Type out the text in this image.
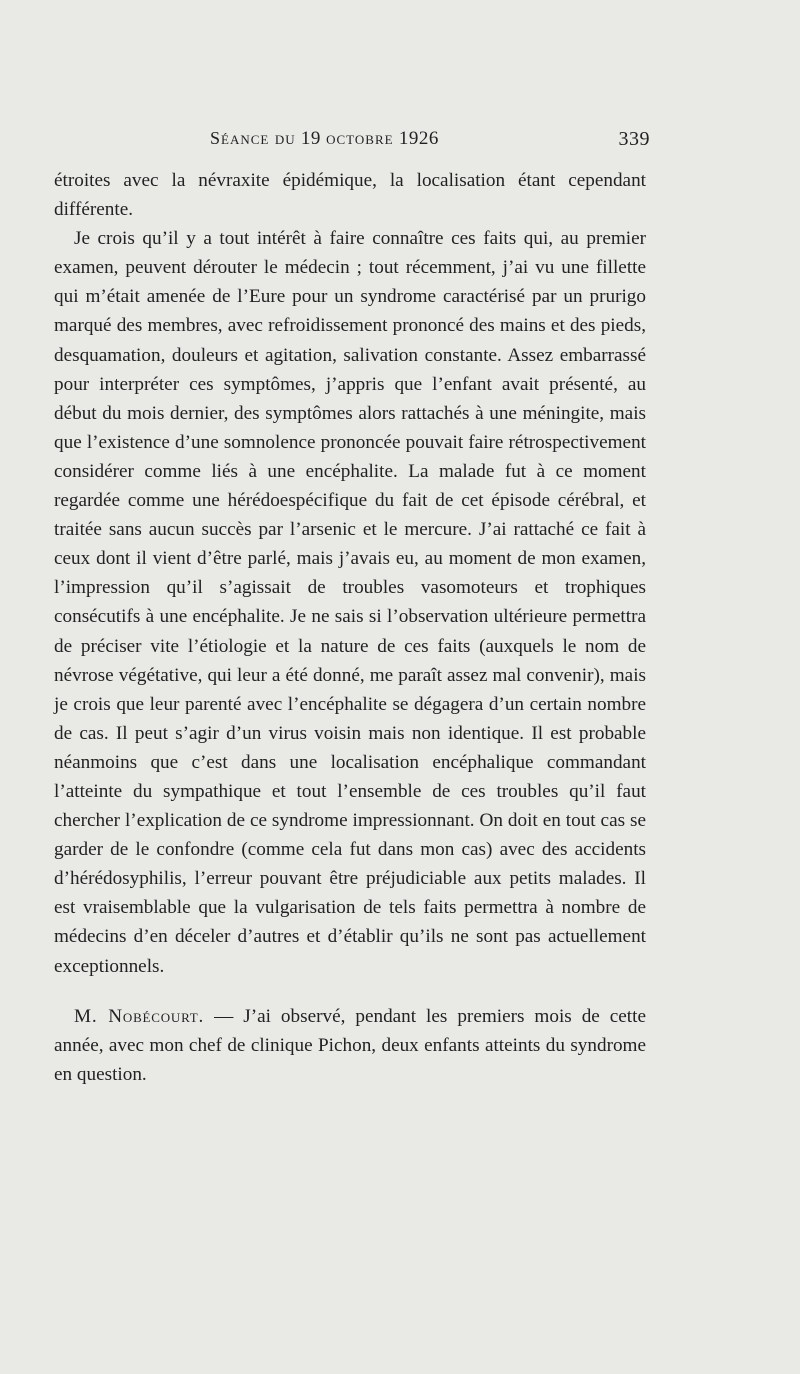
Séance du 19 octobre 1926	339

étroites avec la névraxite épidémique, la localisation étant cependant différente.

Je crois qu’il y a tout intérêt à faire connaître ces faits qui, au premier examen, peuvent dérouter le médecin ; tout récemment, j’ai vu une fillette qui m’était amenée de l’Eure pour un syndrome caractérisé par un prurigo marqué des membres, avec refroidissement prononcé des mains et des pieds, desquamation, douleurs et agitation, salivation constante. Assez embarrassé pour interpréter ces symptômes, j’appris que l’enfant avait présenté, au début du mois dernier, des symptômes alors rattachés à une méningite, mais que l’existence d’une somnolence prononcée pouvait faire rétrospectivement considérer comme liés à une encéphalite. La malade fut à ce moment regardée comme une hérédoespécifique du fait de cet épisode cérébral, et traitée sans aucun succès par l’arsenic et le mercure. J’ai rattaché ce fait à ceux dont il vient d’être parlé, mais j’avais eu, au moment de mon examen, l’impression qu’il s’agissait de troubles vasomoteurs et trophiques consécutifs à une encéphalite. Je ne sais si l’observation ultérieure permettra de préciser vite l’étiologie et la nature de ces faits (auxquels le nom de névrose végétative, qui leur a été donné, me paraît assez mal convenir), mais je crois que leur parenté avec l’encéphalite se dégagera d’un certain nombre de cas. Il peut s’agir d’un virus voisin mais non identique. Il est probable néanmoins que c’est dans une localisation encéphalique commandant l’atteinte du sympathique et tout l’ensemble de ces troubles qu’il faut chercher l’explication de ce syndrome impressionnant. On doit en tout cas se garder de le confondre (comme cela fut dans mon cas) avec des accidents d’hérédosyphilis, l’erreur pouvant être préjudiciable aux petits malades. Il est vraisemblable que la vulgarisation de tels faits permettra à nombre de médecins d’en déceler d’autres et d’établir qu’ils ne sont pas actuellement exceptionnels.

M. Nobécourt. — J’ai observé, pendant les premiers mois de cette année, avec mon chef de clinique Pichon, deux enfants atteints du syndrome en question.
